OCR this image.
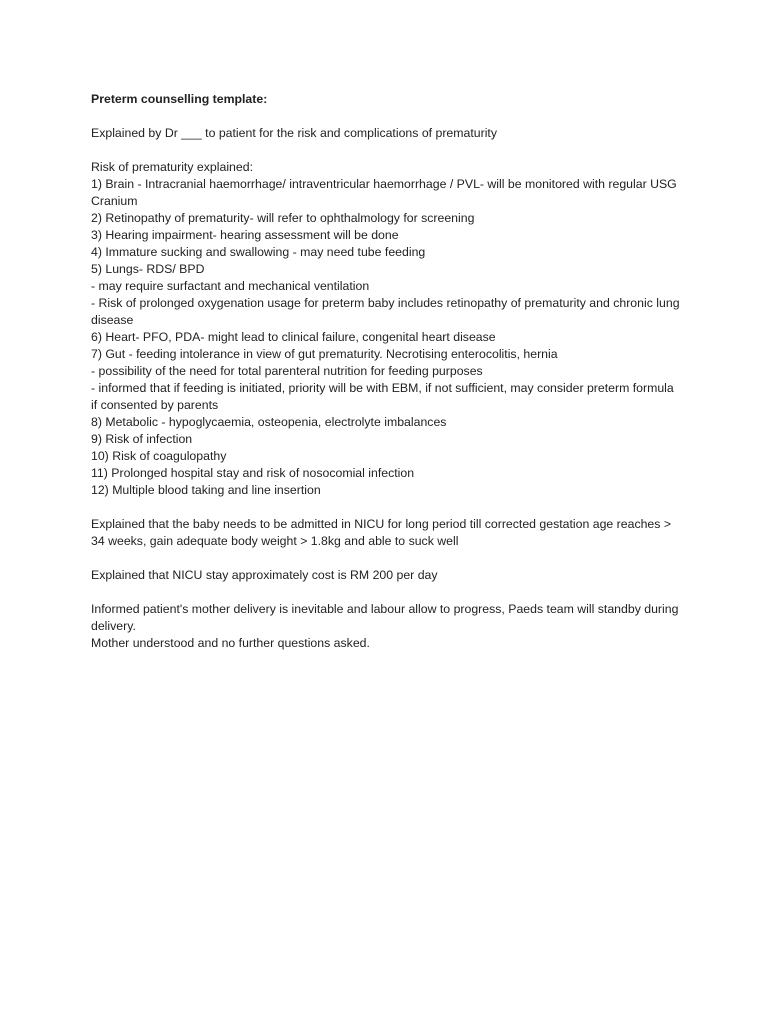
Preterm counselling template:

Explained by Dr ___ to patient for the risk and complications of prematurity

Risk of prematurity explained:

1) Brain - Intracranial haemorrhage/ intraventricular haemorrhage / PVL- will be monitored with regular USG Cranium
2) Retinopathy of prematurity- will refer to ophthalmology for screening
3) Hearing impairment- hearing assessment will be done
4) Immature sucking and swallowing - may need tube feeding
5) Lungs- RDS/ BPD
- may require surfactant and mechanical ventilation
- Risk of prolonged oxygenation usage for preterm baby includes retinopathy of prematurity and chronic lung disease
6) Heart- PFO, PDA- might lead to clinical failure, congenital heart disease
7) Gut - feeding intolerance in view of gut prematurity. Necrotising enterocolitis, hernia
- possibility of the need for total parenteral nutrition for feeding purposes
- informed that if feeding is initiated, priority will be with EBM, if not sufficient, may consider preterm formula if consented by parents
8) Metabolic - hypoglycaemia, osteopenia, electrolyte imbalances
9) Risk of infection
10) Risk of coagulopathy
11) Prolonged hospital stay and risk of nosocomial infection
12) Multiple blood taking and line insertion

Explained that the baby needs to be admitted in NICU for long period till corrected gestation age reaches > 34 weeks, gain adequate body weight > 1.8kg and able to suck well

Explained that NICU stay approximately cost is RM 200 per day

Informed patient's mother delivery is inevitable and labour allow to progress, Paeds team will standby during delivery.

Mother understood and no further questions asked.
